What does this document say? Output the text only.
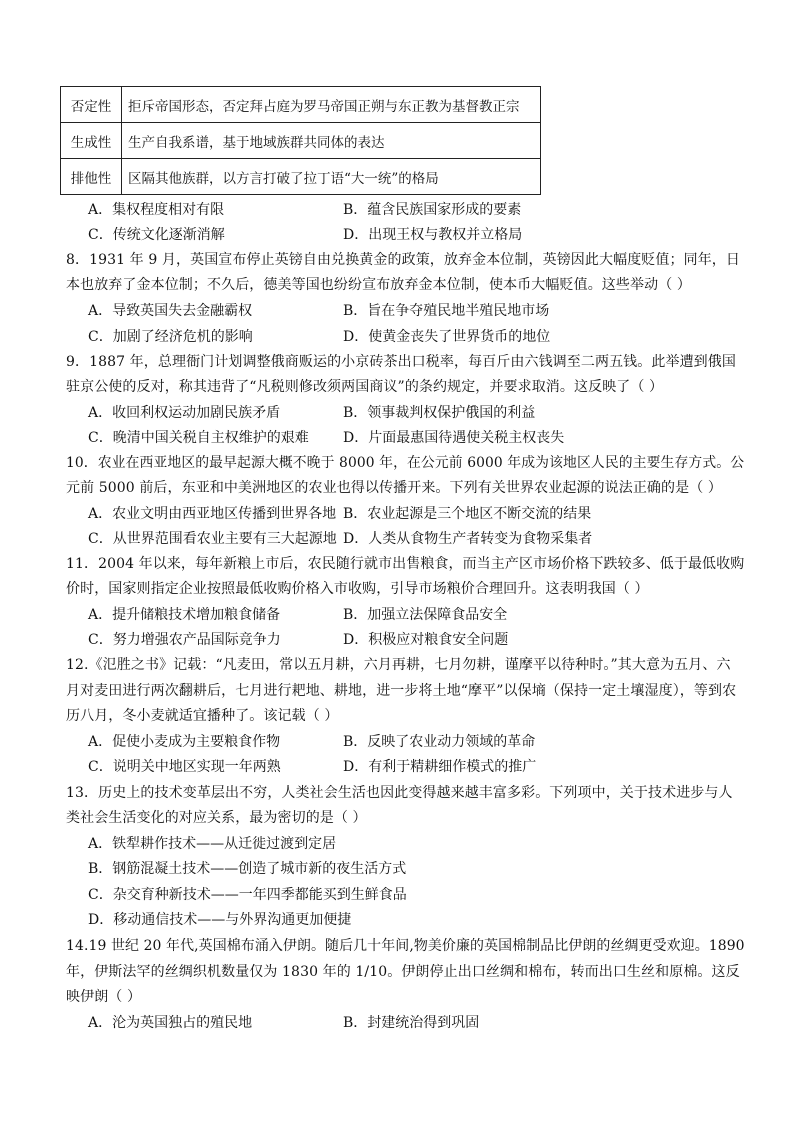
否定性	拒斥帝国形态，否定拜占庭为罗马帝国正朔与东正教为基督教正宗
生成性	生产自我系谱，基于地域族群共同体的表达
排他性	区隔其他族群，以方言打破了拉丁语“大一统”的格局
A．集权程度相对有限	B．蕴含民族国家形成的要素
C．传统文化逐渐消解	D．出现王权与教权并立格局
8．1931 年 9 月，英国宣布停止英镑自由兑换黄金的政策，放弃金本位制，英镑因此大幅度贬值；同年，日
本也放弃了金本位制；不久后，德美等国也纷纷宣布放弃金本位制，使本币大幅贬值。这些举动（ ）
A．导致英国失去金融霸权	B．旨在争夺殖民地半殖民地市场
C．加剧了经济危机的影响	D．使黄金丧失了世界货币的地位
9．1887 年，总理衙门计划调整俄商贩运的小京砖茶出口税率，每百斤由六钱调至二两五钱。此举遭到俄国
驻京公使的反对，称其违背了“凡税则修改须两国商议”的条约规定，并要求取消。这反映了（ ）
A．收回利权运动加剧民族矛盾	B．领事裁判权保护俄国的利益
C．晚清中国关税自主权维护的艰难 D．片面最惠国待遇使关税主权丧失
10．农业在西亚地区的最早起源大概不晚于 8000 年，在公元前 6000 年成为该地区人民的主要生存方式。公
元前 5000 前后，东亚和中美洲地区的农业也得以传播开来。下列有关世界农业起源的说法正确的是（ ）
A．农业文明由西亚地区传播到世界各地 B．农业起源是三个地区不断交流的结果
C．从世界范围看农业主要有三大起源地 D．人类从食物生产者转变为食物采集者
11．2004 年以来，每年新粮上市后，农民随行就市出售粮食，而当主产区市场价格下跌较多、低于最低收购
价时，国家则指定企业按照最低收购价格入市收购，引导市场粮价合理回升。这表明我国（ ）
A．提升储粮技术增加粮食储备	B．加强立法保障食品安全
C．努力增强农产品国际竞争力	D．积极应对粮食安全问题
12.《氾胜之书》记载：“凡麦田，常以五月耕，六月再耕，七月勿耕，谨摩平以待种时。”其大意为五月、六
月对麦田进行两次翻耕后，七月进行耙地、耕地，进一步将土地“摩平”以保墒（保持一定土壤湿度），等到农
历八月，冬小麦就适宜播种了。该记载（ ）
A．促使小麦成为主要粮食作物	B．反映了农业动力领域的革命
C．说明关中地区实现一年两熟	D．有利于精耕细作模式的推广
13．历史上的技术变革层出不穷，人类社会生活也因此变得越来越丰富多彩。下列项中，关于技术进步与人
类社会生活变化的对应关系，最为密切的是（ ）
A．铁犁耕作技术——从迁徙过渡到定居
B．钢筋混凝土技术——创造了城市新的夜生活方式
C．杂交育种新技术——一年四季都能买到生鲜食品
D．移动通信技术——与外界沟通更加便捷
14.19 世纪 20 年代,英国棉布涌入伊朗。随后几十年间,物美价廉的英国棉制品比伊朗的丝绸更受欢迎。1890
年，伊斯法罕的丝绸织机数量仅为 1830 年的 1/10。伊朗停止出口丝绸和棉布，转而出口生丝和原棉。这反
映伊朗（ ）
A．沦为英国独占的殖民地	B．封建统治得到巩固
